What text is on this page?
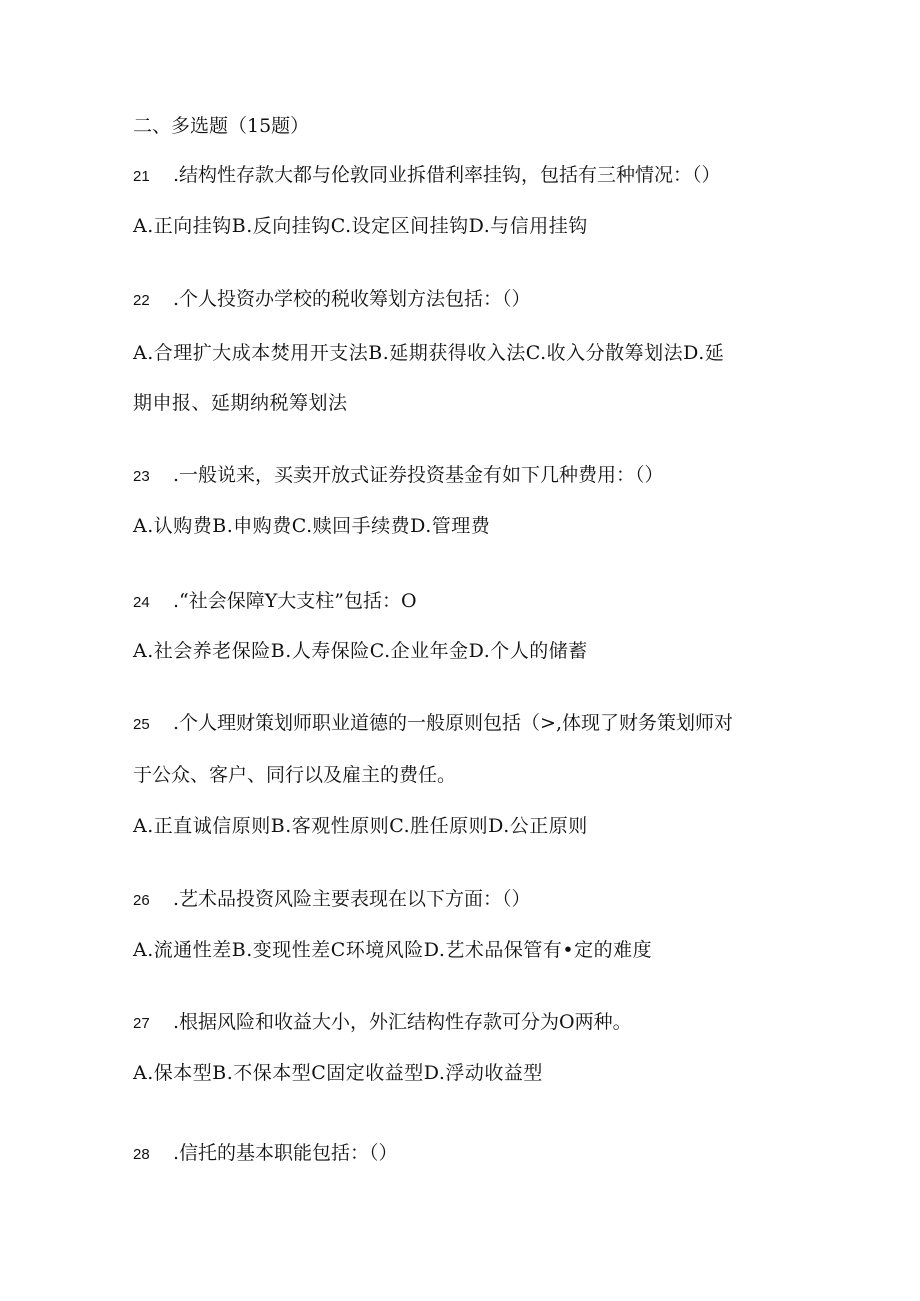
二、多选题（15题）
21 .结构性存款大都与伦敦同业拆借利率挂钩，包括有三种情况：（）
A.正向挂钩B.反向挂钩C.设定区间挂钩D.与信用挂钩
22 .个人投资办学校的税收筹划方法包括：（）
A.合理扩大成本焚用开支法B.延期获得收入法C.收入分散筹划法D.延
期申报、延期纳税筹划法
23 .一般说来，买卖开放式证券投资基金有如下几种费用：（）
A.认购费B.申购费C.赎回手续费D.管理费
24 .“社会保障Y大支柱”包括：O
A.社会养老保险B.人寿保险C.企业年金D.个人的储蓄
25 .个人理财策划师职业道德的一般原则包括（>,体现了财务策划师对
于公众、客户、同行以及雇主的费任。
A.正直诚信原则B.客观性原则C.胜任原则D.公正原则
26 .艺术品投资风险主要表现在以下方面：（）
A.流通性差B.变现性差C环境风险D.艺术品保管有•定的难度
27 .根据风险和收益大小，外汇结构性存款可分为O两种。
A.保本型B.不保本型C固定收益型D.浮动收益型
28 .信托的基本职能包括：（）
